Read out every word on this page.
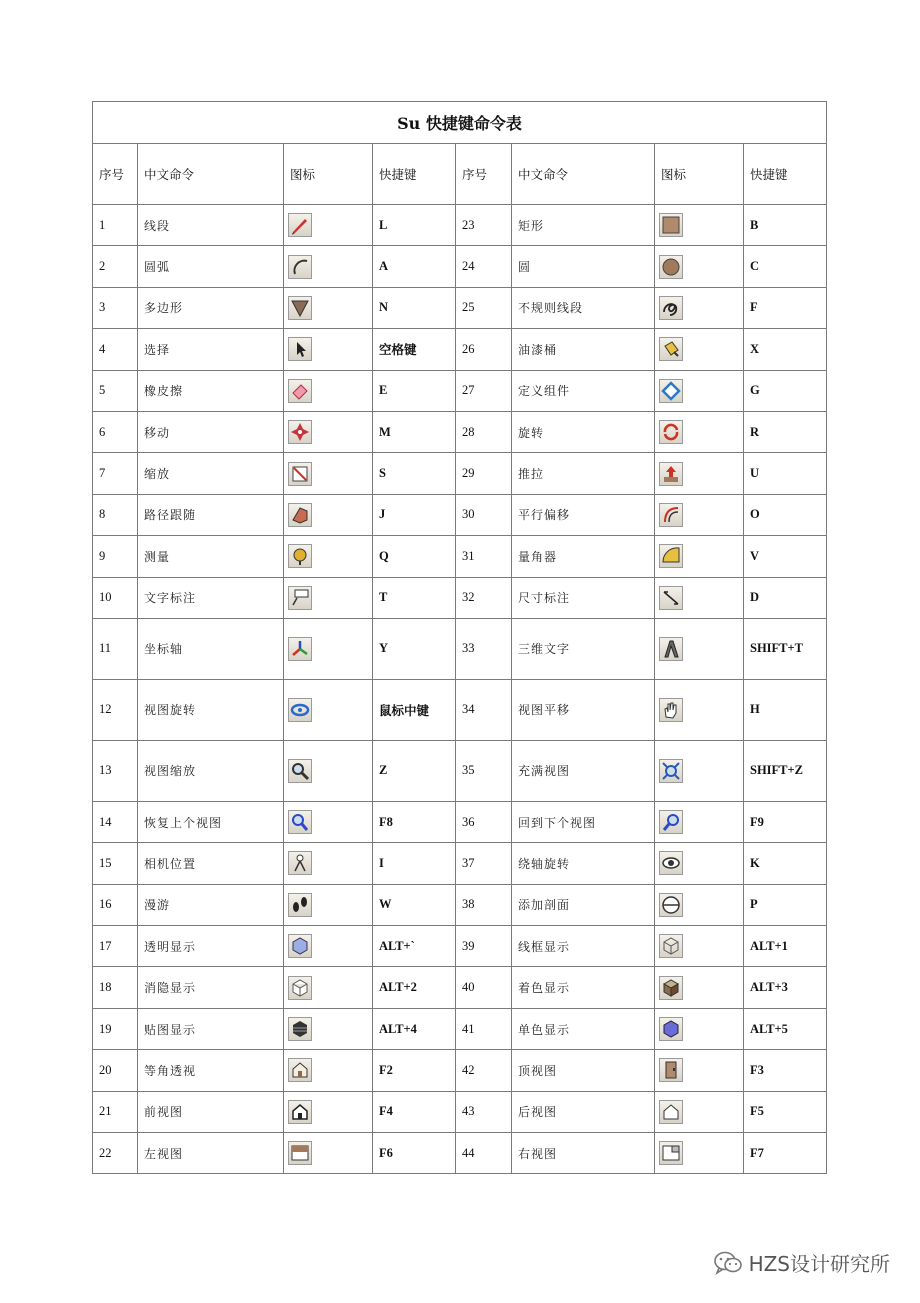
Su 快捷键命令表							
序号	中文命令	图标	快捷键	序号	中文命令	图标	快捷键
1	线段		L	23	矩形		B
2	圆弧		A	24	圆		C
3	多边形		N	25	不规则线段		F
4	选择		空格键	26	油漆桶		X
5	橡皮擦		E	27	定义组件		G
6	移动		M	28	旋转		R
7	缩放		S	29	推拉		U
8	路径跟随		J	30	平行偏移		O
9	测量		Q	31	量角器		V
10	文字标注		T	32	尺寸标注		D
11	坐标轴		Y	33	三维文字		SHIFT+T
12	视图旋转		鼠标中键	34	视图平移		H
13	视图缩放		Z	35	充满视图		SHIFT+Z
14	恢复上个视图		F8	36	回到下个视图		F9
15	相机位置		I	37	绕轴旋转		K
16	漫游		W	38	添加剖面		P
17	透明显示		ALT+`	39	线框显示		ALT+1
18	消隐显示		ALT+2	40	着色显示		ALT+3
19	贴图显示		ALT+4	41	单色显示		ALT+5
20	等角透视		F2	42	顶视图		F3
21	前视图		F4	43	后视图		F5
22	左视图		F6	44	右视图		F7
HZS设计研究所
